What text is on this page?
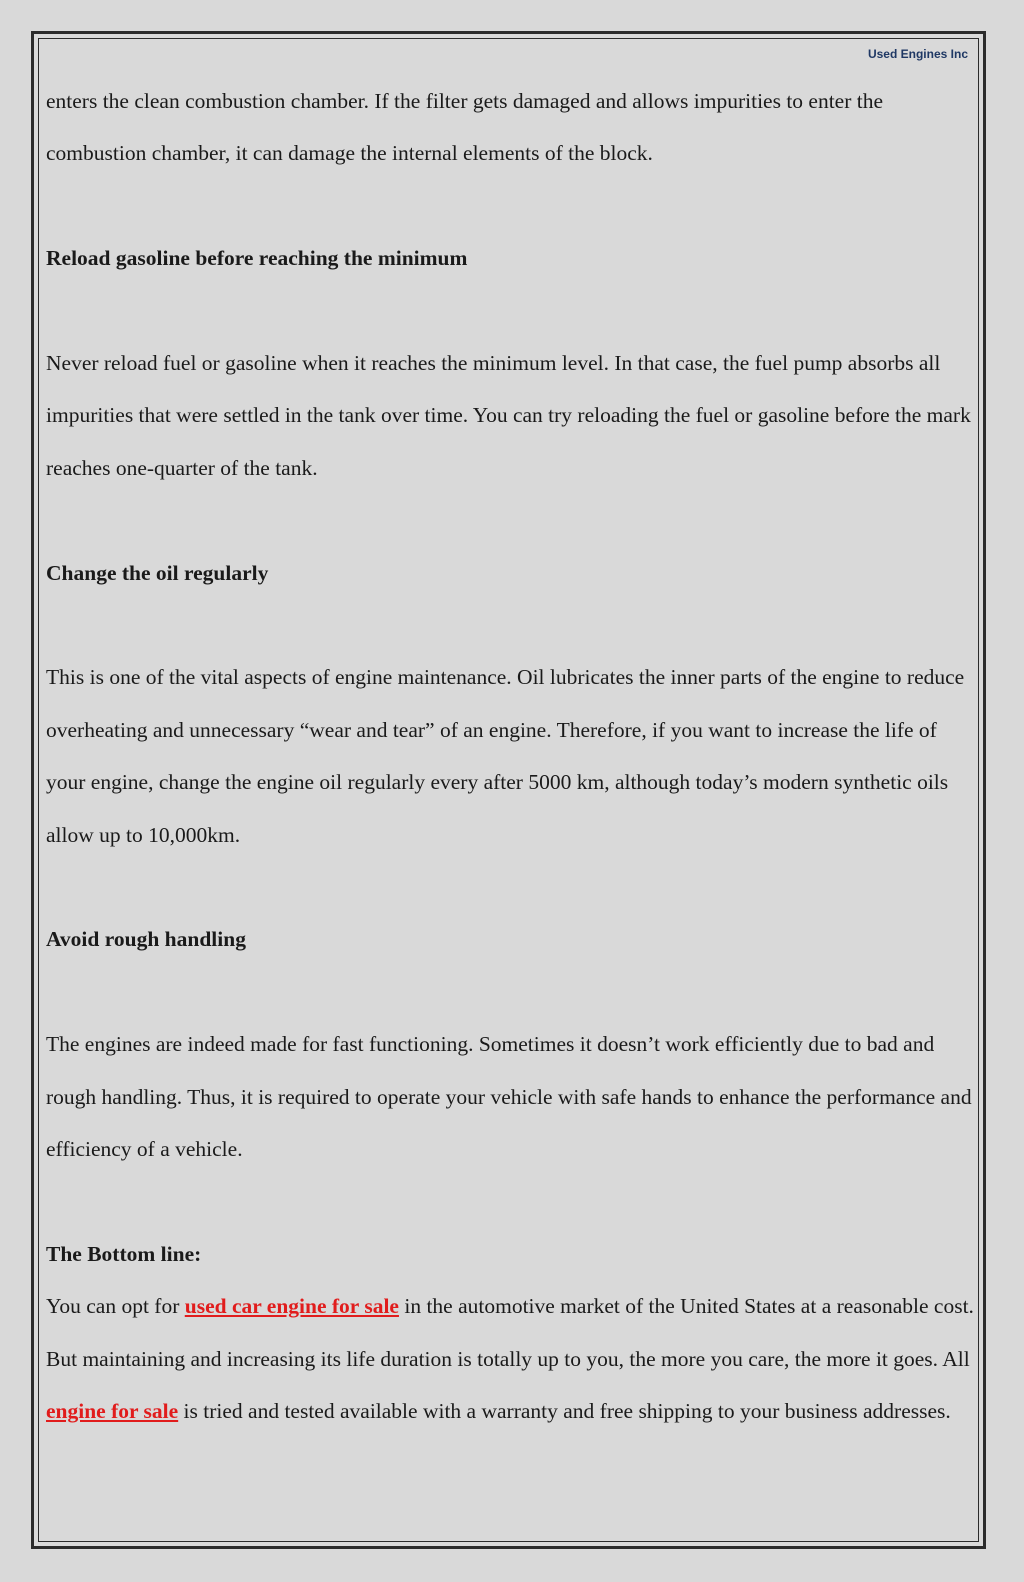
Used Engines Inc

enters the clean combustion chamber. If the filter gets damaged and allows impurities to enter the combustion chamber, it can damage the internal elements of the block.

Reload gasoline before reaching the minimum

Never reload fuel or gasoline when it reaches the minimum level. In that case, the fuel pump absorbs all impurities that were settled in the tank over time. You can try reloading the fuel or gasoline before the mark reaches one-quarter of the tank.

Change the oil regularly

This is one of the vital aspects of engine maintenance. Oil lubricates the inner parts of the engine to reduce overheating and unnecessary “wear and tear” of an engine. Therefore, if you want to increase the life of your engine, change the engine oil regularly every after 5000 km, although today’s modern synthetic oils allow up to 10,000km.

Avoid rough handling

The engines are indeed made for fast functioning. Sometimes it doesn’t work efficiently due to bad and rough handling. Thus, it is required to operate your vehicle with safe hands to enhance the performance and efficiency of a vehicle.

The Bottom line:

You can opt for used car engine for sale in the automotive market of the United States at a reasonable cost. But maintaining and increasing its life duration is totally up to you, the more you care, the more it goes. All engine for sale is tried and tested available with a warranty and free shipping to your business addresses.
